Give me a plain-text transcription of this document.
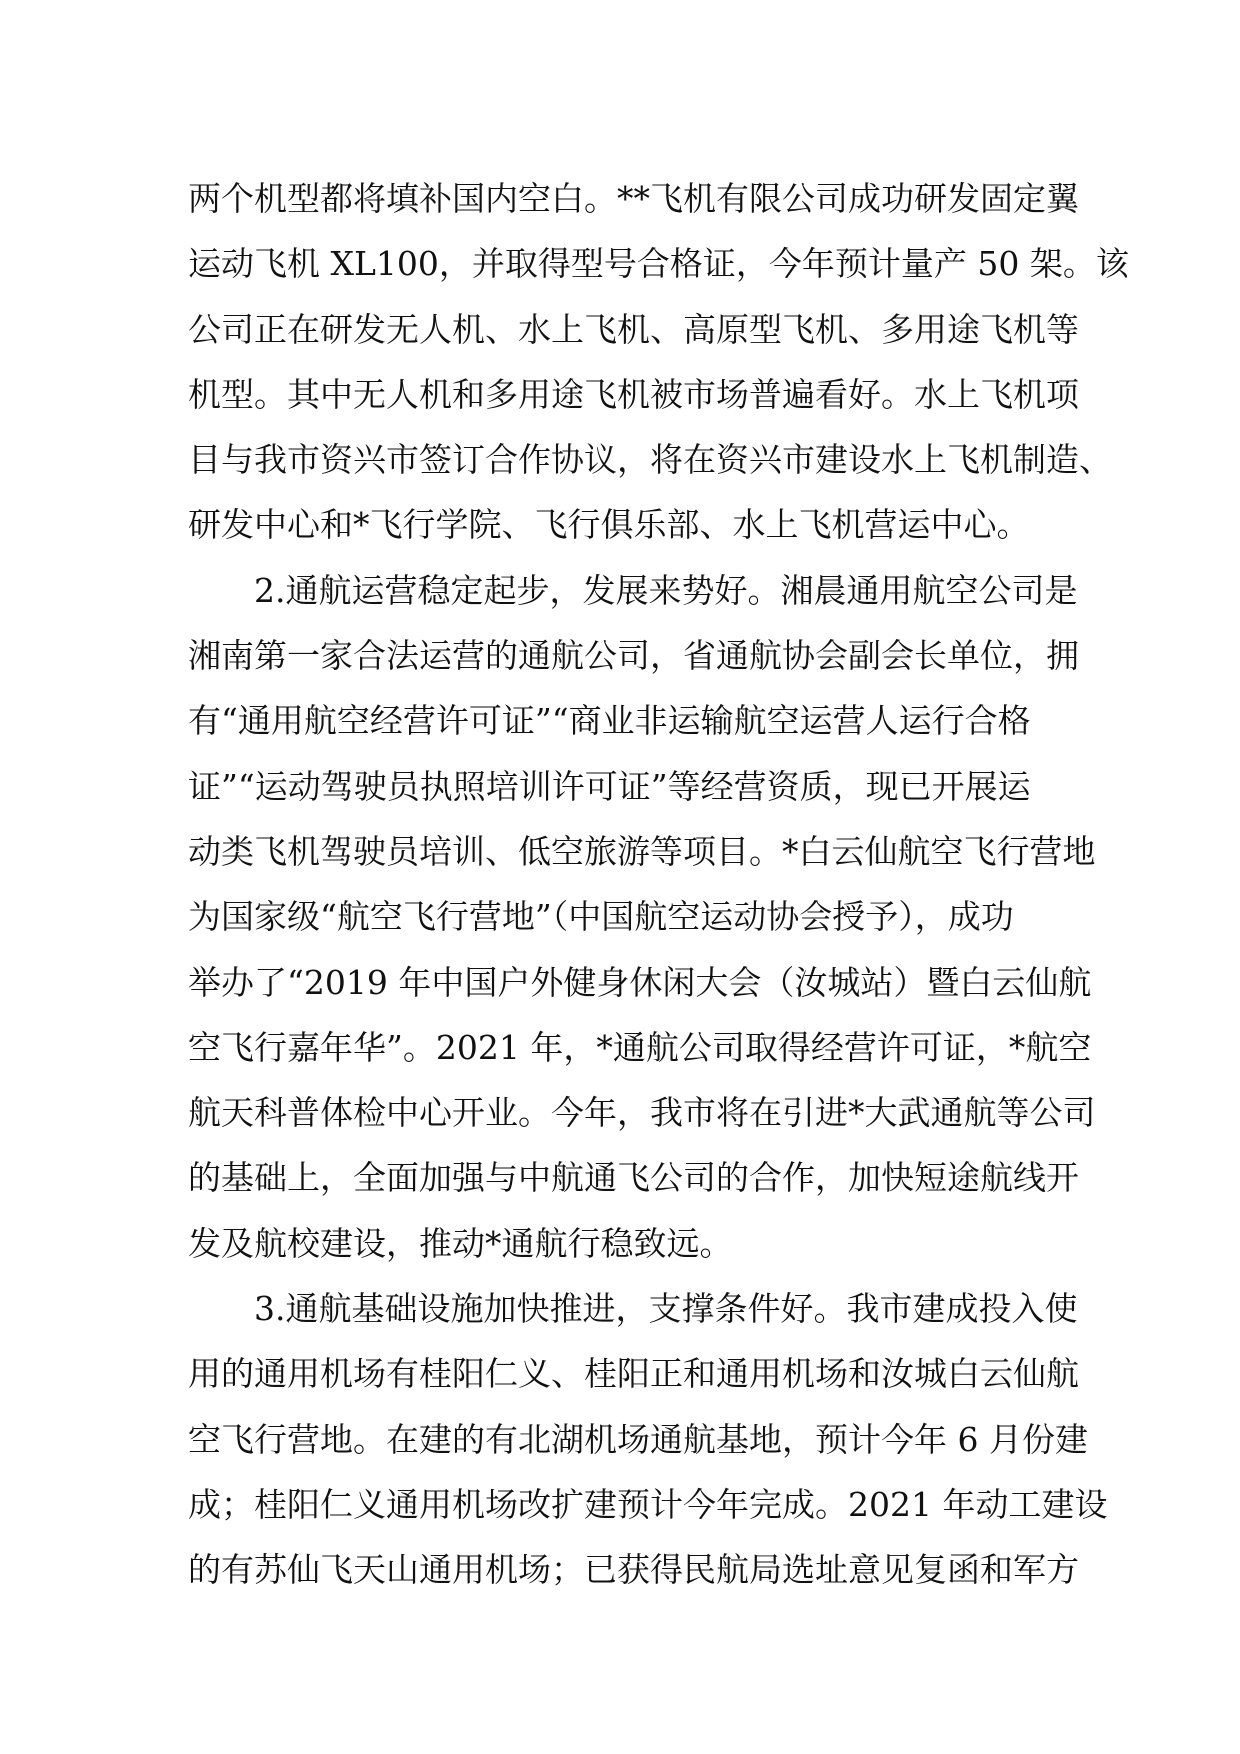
两个机型都将填补国内空白。**飞机有限公司成功研发固定翼
运动飞机 XL100，并取得型号合格证，今年预计量产 50 架。该
公司正在研发无人机、水上飞机、高原型飞机、多用途飞机等
机型。其中无人机和多用途飞机被市场普遍看好。水上飞机项
目与我市资兴市签订合作协议，将在资兴市建设水上飞机制造、
研发中心和*飞行学院、飞行俱乐部、水上飞机营运中心。
2.通航运营稳定起步，发展来势好。湘晨通用航空公司是
湘南第一家合法运营的通航公司，省通航协会副会长单位，拥
有“通用航空经营许可证”“商业非运输航空运营人运行合格
证”“运动驾驶员执照培训许可证”等经营资质，现已开展运
动类飞机驾驶员培训、低空旅游等项目。*白云仙航空飞行营地
为国家级“航空飞行营地”（中国航空运动协会授予），成功
举办了“2019 年中国户外健身休闲大会（汝城站）暨白云仙航
空飞行嘉年华”。2021 年，*通航公司取得经营许可证，*航空
航天科普体检中心开业。今年，我市将在引进*大武通航等公司
的基础上，全面加强与中航通飞公司的合作，加快短途航线开
发及航校建设，推动*通航行稳致远。
3.通航基础设施加快推进，支撑条件好。我市建成投入使
用的通用机场有桂阳仁义、桂阳正和通用机场和汝城白云仙航
空飞行营地。在建的有北湖机场通航基地，预计今年 6 月份建
成；桂阳仁义通用机场改扩建预计今年完成。2021 年动工建设
的有苏仙飞天山通用机场；已获得民航局选址意见复函和军方
